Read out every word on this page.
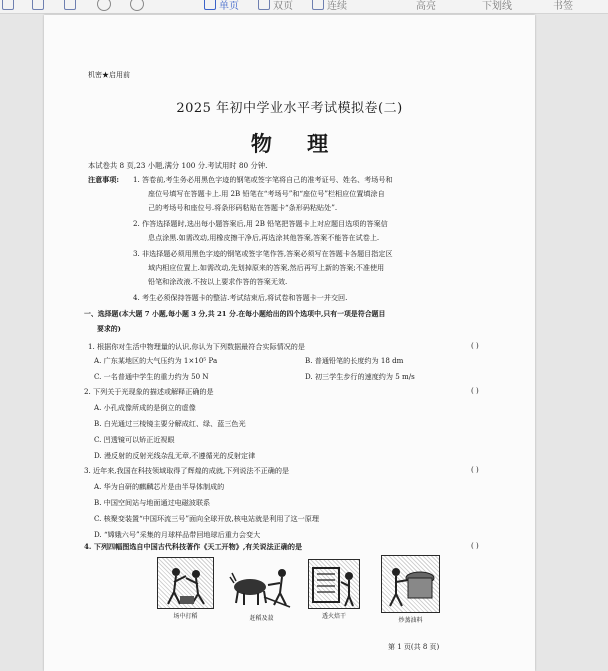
单页	双页	连续	高亮	下划线	书签
机密★启用前
2025 年初中学业水平考试模拟卷(二)
物 理
本试卷共 8 页,23 小题,满分 100 分.考试用时 80 分钟.
注意事项: 1. 答卷前,考生务必用黑色字迹的钢笔或签字笔将自己的准考证号、姓名、考场号和
座位号填写在答题卡上.用 2B 铅笔在“考场号”和“座位号”栏相应位置填涂自
己的考场号和座位号.将条形码粘贴在答题卡“条形码粘贴处”.
2. 作答选择题时,选出每小题答案后,用 2B 铅笔把答题卡上对应题目选项的答案信
息点涂黑.如需改动,用橡皮擦干净后,再选涂其他答案,答案不能答在试卷上.
3. 非选择题必须用黑色字迹的钢笔或签字笔作答,答案必须写在答题卡各题目指定区
域内相应位置上.如需改动,先划掉原来的答案,然后再写上新的答案;不准使用
铅笔和涂改液.不按以上要求作答的答案无效.
4. 考生必须保持答题卡的整洁.考试结束后,将试卷和答题卡一并交回.
一、选择题(本大题 7 小题,每小题 3 分,共 21 分.在每小题给出的四个选项中,只有一项是符合题目
要求的)
1. 根据你对生活中物理量的认识,你认为下列数据最符合实际情况的是	( )
A. 广东某地区的大气压约为 1×10⁵ Pa	B. 普通铅笔的长度约为 18 dm
C. 一名普通中学生的重力约为 50 N	D. 初三学生步行的速度约为 5 m/s
2. 下列关于光现象的描述或解释正确的是	( )
A. 小孔成像所成的是倒立的虚像
B. 白光通过三棱镜主要分解成红、绿、蓝三色光
C. 凹透镜可以矫正近视眼
D. 漫反射的反射光线杂乱无章,不遵循光的反射定律
3. 近年来,我国在科技领域取得了辉煌的成就,下列说法不正确的是	( )
A. 华为自研的麒麟芯片是由半导体制成的
B. 中国空间站与地面通过电磁波联系
C. 核聚变装置“中国环流三号”面向全球开放,核电站就是利用了这一原理
D. “嫦娥六号”采集的月球样品带回地球后重力会变大
4. 下列四幅图选自中国古代科技著作《天工开物》,有关说法正确的是	( )
场中打稻	赶稻及菽	透火焙干
炒蒸油料
第 1 页(共 8 页)
